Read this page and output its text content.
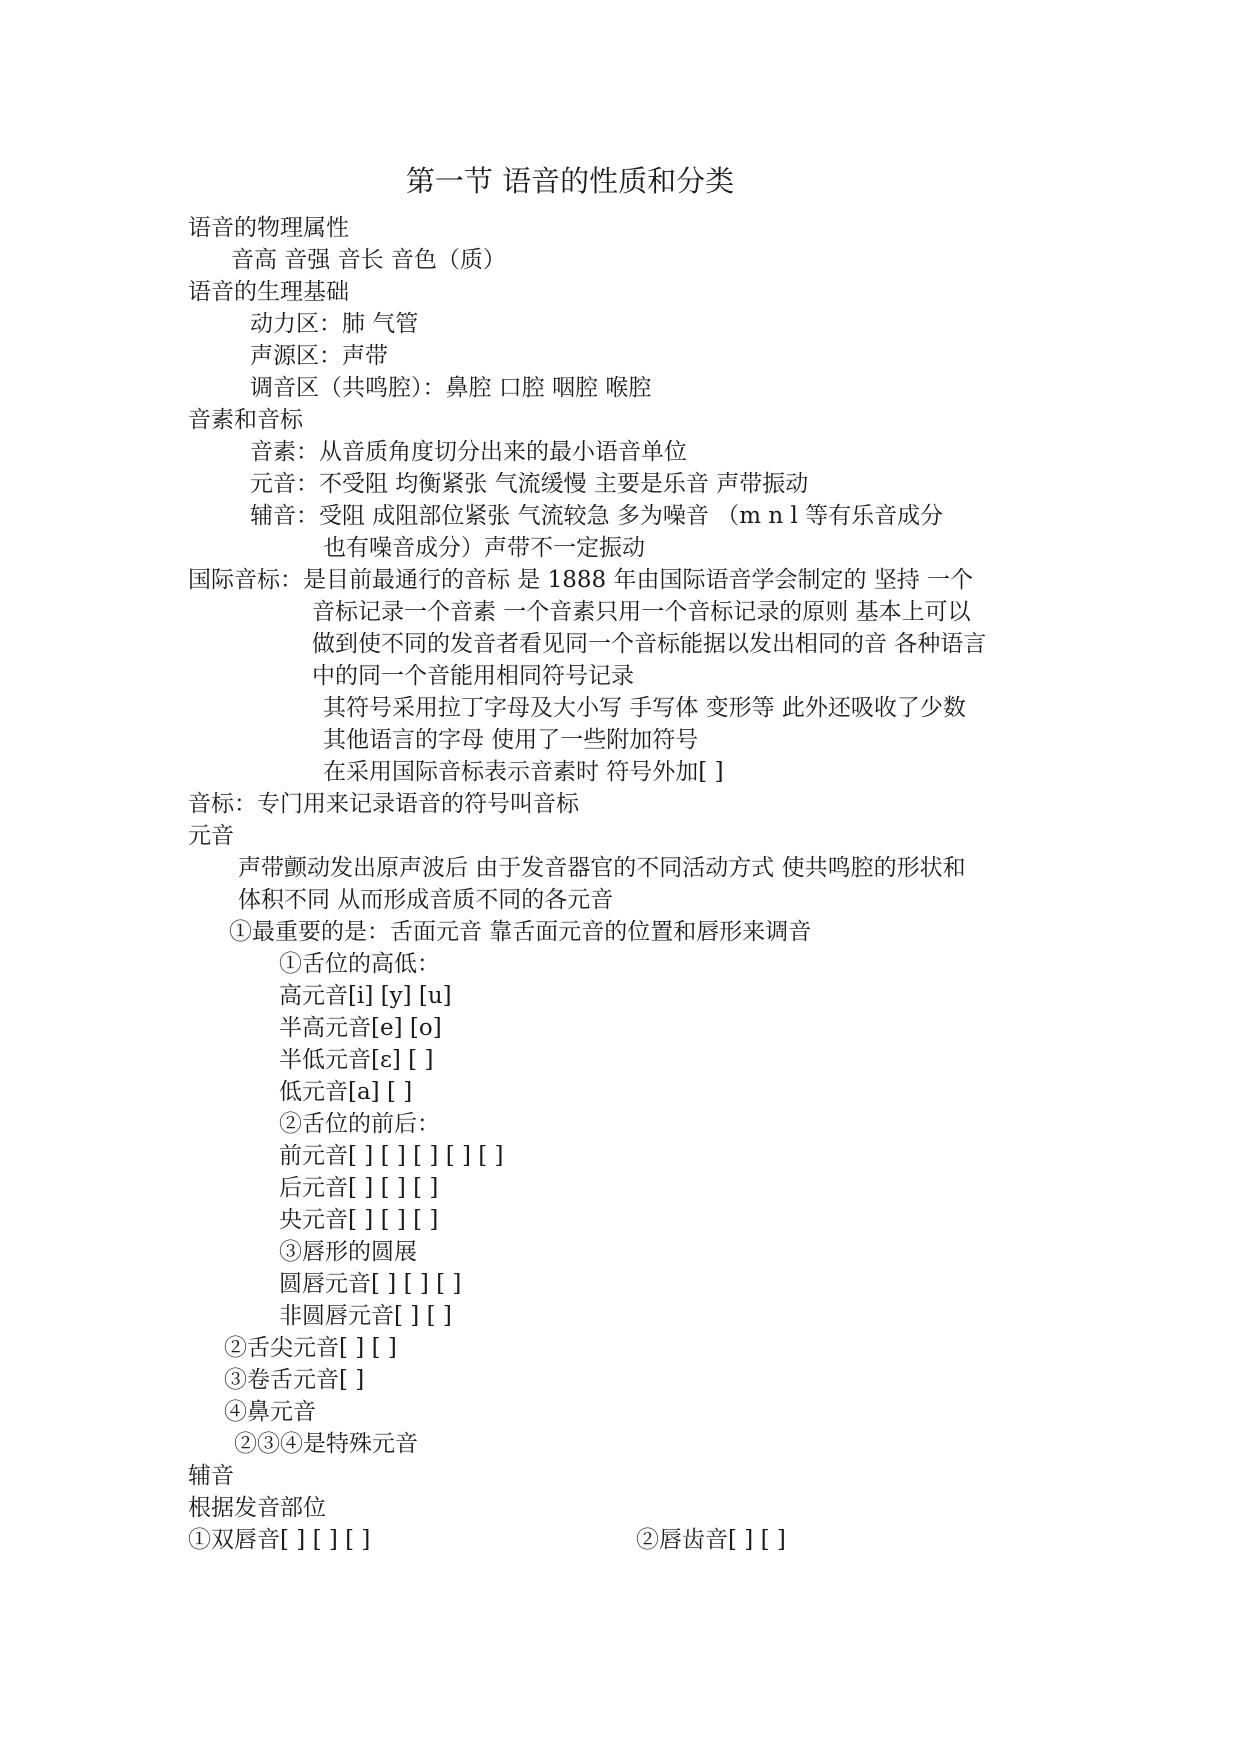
第一节 语音的性质和分类
语音的物理属性
音高 音强 音长 音色（质）
语音的生理基础
动力区：肺 气管
声源区：声带
调音区（共鸣腔）：鼻腔 口腔 咽腔 喉腔
音素和音标
音素：从音质角度切分出来的最小语音单位
元音：不受阻 均衡紧张 气流缓慢 主要是乐音 声带振动
辅音：受阻 成阻部位紧张 气流较急 多为噪音 （m n l 等有乐音成分
也有噪音成分）声带不一定振动
国际音标：是目前最通行的音标 是 1888 年由国际语音学会制定的 坚持 一个
音标记录一个音素 一个音素只用一个音标记录的原则 基本上可以
做到使不同的发音者看见同一个音标能据以发出相同的音 各种语言
中的同一个音能用相同符号记录
其符号采用拉丁字母及大小写 手写体 变形等 此外还吸收了少数
其他语言的字母 使用了一些附加符号
在采用国际音标表示音素时 符号外加[ ]
音标：专门用来记录语音的符号叫音标
元音
声带颤动发出原声波后 由于发音器官的不同活动方式 使共鸣腔的形状和
体积不同 从而形成音质不同的各元音
①最重要的是：舌面元音 靠舌面元音的位置和唇形来调音
①舌位的高低：
高元音[i] [y] [u]
半高元音[e] [o]
半低元音[ɛ] [ ]
低元音[a] [ ]
②舌位的前后：
前元音[ ] [ ] [ ] [ ] [ ]
后元音[ ] [ ] [ ]
央元音[ ] [ ] [ ]
③唇形的圆展
圆唇元音[ ] [ ] [ ]
非圆唇元音[ ] [ ]
②舌尖元音[ ] [ ]
③卷舌元音[ ]
④鼻元音
②③④是特殊元音
辅音
根据发音部位
①双唇音[ ] [ ] [ ]	②唇齿音[ ] [ ]
